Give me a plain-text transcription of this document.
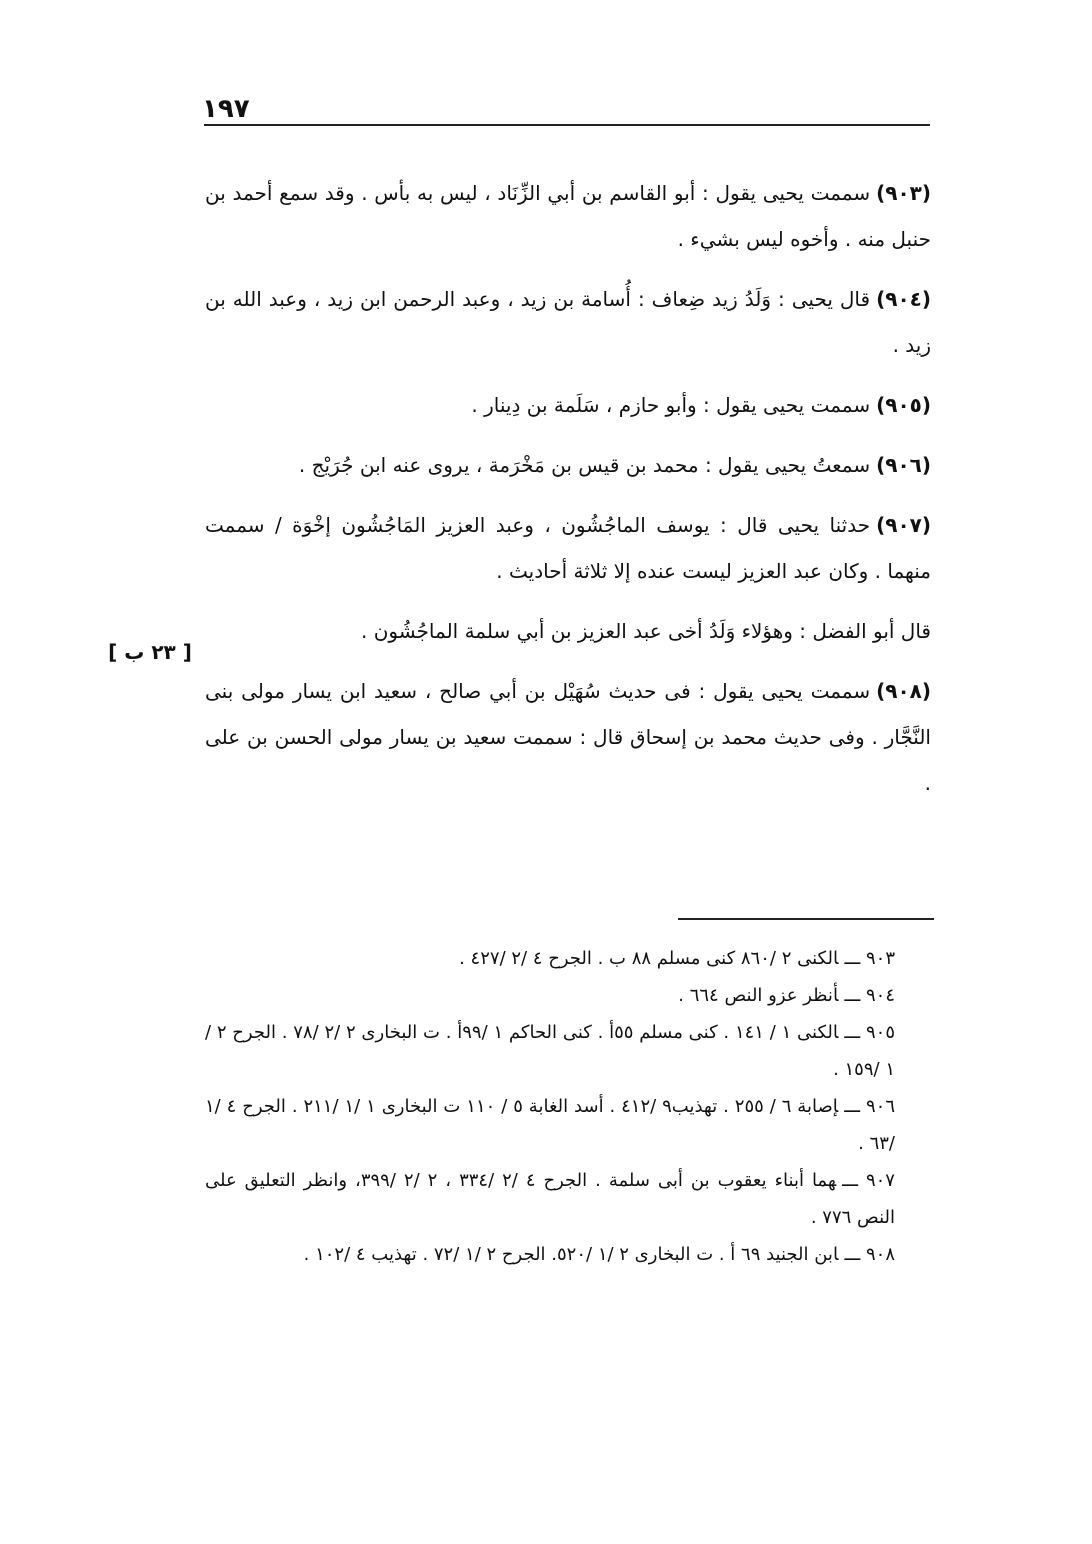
١٩٧

(٩٠٣)سممت يحيى يقول : أبو القاسم بن أبي الزِّنَاد ، ليس به بأس . وقد سمع أحمد بن حنبل منه . وأخوه ليس بشيء .

(٩٠٤)قال يحيى : وَلَدُ زيد ضِعاف : أُسامة بن زيد ، وعبد الرحمن ابن زيد ، وعبد الله بن زيد .

(٩٠٥)سممت يحيى يقول : وأبو حازم ، سَلَمة بن دِينار .

(٩٠٦)سمعتُ يحيى يقول : محمد بن قيس بن مَخْرَمة ، يروى عنه ابن جُرَيْج .

(٩٠٧)حدثنا يحيى قال : يوسف الماجُشُون ، وعبد العزيز المَاجُشُون إخْوَة / سممت منهما . وكان عبد العزيز ليست عنده إلا ثلاثة أحاديث .

قال أبو الفضل : وهؤلاء وَلَدُ أخى عبد العزيز بن أبي سلمة الماجُشُون .

(٩٠٨)سممت يحيى يقول : فى حديث سُهَيْل بن أبي صالح ، سعيد ابن يسار مولى بنى النَّجَّار . وفى حديث محمد بن إسحاق قال : سممت سعيد بن يسار مولى الحسن بن على .

[ ٢٣ ب ]

٩٠٣ ـــالكنى ٢ /٨٦٠ كنى مسلم ٨٨ ب . الجرح ٤ /٢ /٤٢٧ .

٩٠٤ ـــأنظر عزو النص ٦٦٤ .

٩٠٥ ـــالكنى ١ / ١٤١ . كنى مسلم ٥٥أ . كنى الحاكم ١ /٩٩أ . ت البخارى ٢ /٢ /٧٨ . الجرح ٢ /١ /١٥٩ .

٩٠٦ ـــإصابة ٦ / ٢٥٥ . تهذيب٩ /٤١٢ . أسد الغابة ٥ / ١١٠ ت البخارى ١ /١ /٢١١ . الجرح ٤ /١ /٦٣ .

٩٠٧ ـــهما أبناء يعقوب بن أبى سلمة . الجرح ٤ /٢ /٣٣٤ ، ٢ /٢ /٣٩٩، وانظر التعليق على النص ٧٧٦ .

٩٠٨ ـــابن الجنيد ٦٩ أ . ت البخارى ٢ /١ /٥٢٠. الجرح ٢ /١ /٧٢ . تهذيب ٤ /١٠٢ .
